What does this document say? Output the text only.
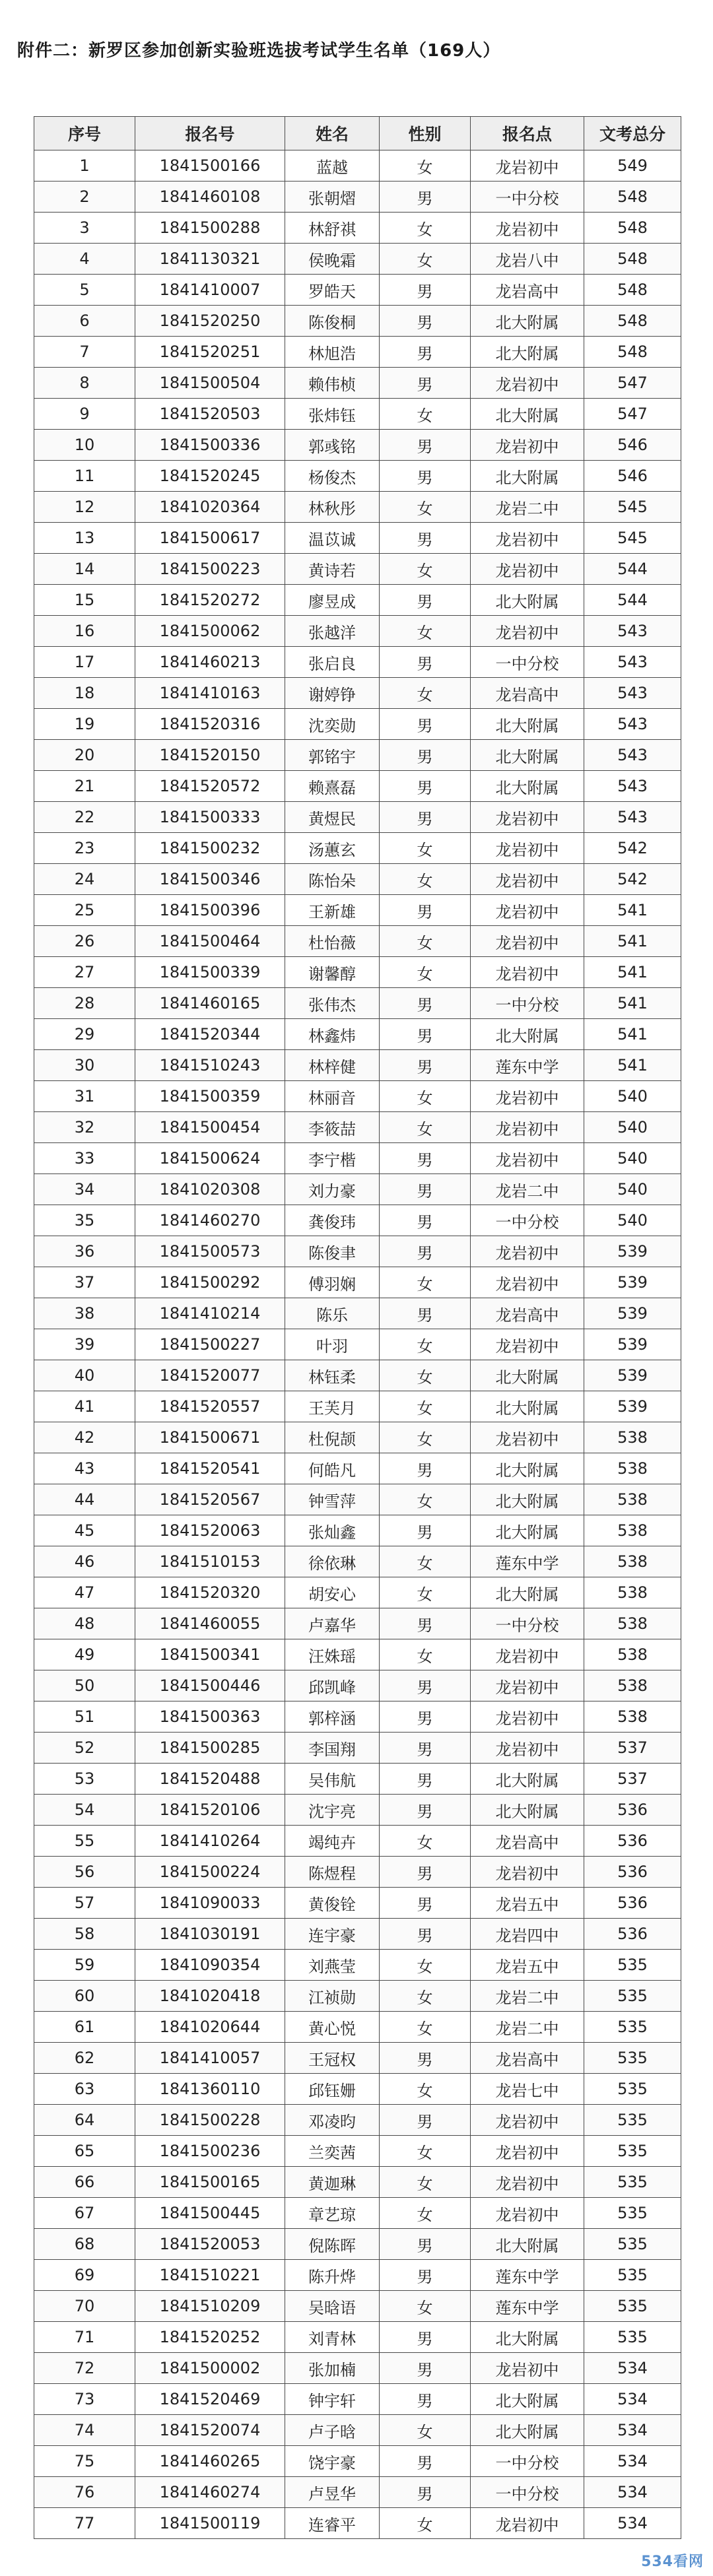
附件二：新罗区参加创新实验班选拔考试学生名单（169人）
序号	报名号	姓名	性别	报名点	文考总分
1	1841500166	蓝越	女	龙岩初中	549
2	1841460108	张朝熠	男	一中分校	548
3	1841500288	林舒祺	女	龙岩初中	548
4	1841130321	侯晚霜	女	龙岩八中	548
5	1841410007	罗皓天	男	龙岩高中	548
6	1841520250	陈俊桐	男	北大附属	548
7	1841520251	林旭浩	男	北大附属	548
8	1841500504	赖伟桢	男	龙岩初中	547
9	1841520503	张炜钰	女	北大附属	547
10	1841500336	郭彧铭	男	龙岩初中	546
11	1841520245	杨俊杰	男	北大附属	546
12	1841020364	林秋彤	女	龙岩二中	545
13	1841500617	温苡诚	男	龙岩初中	545
14	1841500223	黄诗若	女	龙岩初中	544
15	1841520272	廖昱成	男	北大附属	544
16	1841500062	张越洋	女	龙岩初中	543
17	1841460213	张启良	男	一中分校	543
18	1841410163	谢婷铮	女	龙岩高中	543
19	1841520316	沈奕勋	男	北大附属	543
20	1841520150	郭铭宇	男	北大附属	543
21	1841520572	赖熹磊	男	北大附属	543
22	1841500333	黄煜民	男	龙岩初中	543
23	1841500232	汤蕙玄	女	龙岩初中	542
24	1841500346	陈怡朵	女	龙岩初中	542
25	1841500396	王新雄	男	龙岩初中	541
26	1841500464	杜怡薇	女	龙岩初中	541
27	1841500339	谢馨醇	女	龙岩初中	541
28	1841460165	张伟杰	男	一中分校	541
29	1841520344	林鑫炜	男	北大附属	541
30	1841510243	林梓健	男	莲东中学	541
31	1841500359	林丽音	女	龙岩初中	540
32	1841500454	李筱喆	女	龙岩初中	540
33	1841500624	李宁楷	男	龙岩初中	540
34	1841020308	刘力豪	男	龙岩二中	540
35	1841460270	龚俊玮	男	一中分校	540
36	1841500573	陈俊聿	男	龙岩初中	539
37	1841500292	傅羽娴	女	龙岩初中	539
38	1841410214	陈乐	男	龙岩高中	539
39	1841500227	叶羽	女	龙岩初中	539
40	1841520077	林钰柔	女	北大附属	539
41	1841520557	王芙月	女	北大附属	539
42	1841500671	杜倪颉	女	龙岩初中	538
43	1841520541	何皓凡	男	北大附属	538
44	1841520567	钟雪萍	女	北大附属	538
45	1841520063	张灿鑫	男	北大附属	538
46	1841510153	徐依琳	女	莲东中学	538
47	1841520320	胡安心	女	北大附属	538
48	1841460055	卢嘉华	男	一中分校	538
49	1841500341	汪姝瑶	女	龙岩初中	538
50	1841500446	邱凯峰	男	龙岩初中	538
51	1841500363	郭梓涵	男	龙岩初中	538
52	1841500285	李国翔	男	龙岩初中	537
53	1841520488	吴伟航	男	北大附属	537
54	1841520106	沈宇亮	男	北大附属	536
55	1841410264	竭纯卉	女	龙岩高中	536
56	1841500224	陈煜程	男	龙岩初中	536
57	1841090033	黄俊铨	男	龙岩五中	536
58	1841030191	连宇豪	男	龙岩四中	536
59	1841090354	刘燕莹	女	龙岩五中	535
60	1841020418	江祯勋	女	龙岩二中	535
61	1841020644	黄心悦	女	龙岩二中	535
62	1841410057	王冠权	男	龙岩高中	535
63	1841360110	邱钰姗	女	龙岩七中	535
64	1841500228	邓凌昀	男	龙岩初中	535
65	1841500236	兰奕茜	女	龙岩初中	535
66	1841500165	黄迦琳	女	龙岩初中	535
67	1841500445	章艺琼	女	龙岩初中	535
68	1841520053	倪陈晖	男	北大附属	535
69	1841510221	陈升烨	男	莲东中学	535
70	1841510209	吴晗语	女	莲东中学	535
71	1841520252	刘青林	男	北大附属	535
72	1841500002	张加楠	男	龙岩初中	534
73	1841520469	钟宇轩	男	北大附属	534
74	1841520074	卢子晗	女	北大附属	534
75	1841460265	饶宇豪	男	一中分校	534
76	1841460274	卢昱华	男	一中分校	534
77	1841500119	连睿平	女	龙岩初中	534
534看网
